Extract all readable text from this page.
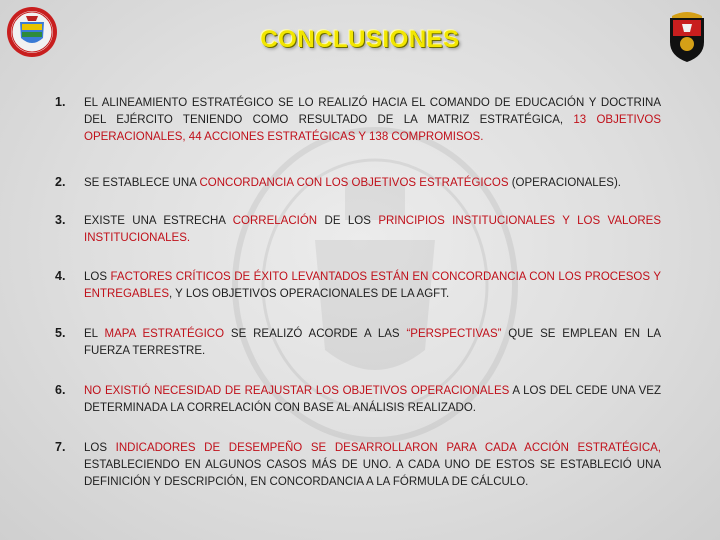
CONCLUSIONES
1. EL ALINEAMIENTO ESTRATÉGICO SE LO REALIZÓ HACIA EL COMANDO DE EDUCACIÓN Y DOCTRINA DEL EJÉRCITO TENIENDO COMO RESULTADO DE LA MATRIZ ESTRATÉGICA, 13 OBJETIVOS OPERACIONALES, 44 ACCIONES ESTRATÉGICAS Y 138 COMPROMISOS.

2. SE ESTABLECE UNA CONCORDANCIA CON LOS OBJETIVOS ESTRATÉGICOS (OPERACIONALES).

3. EXISTE UNA ESTRECHA CORRELACIÓN DE LOS PRINCIPIOS INSTITUCIONALES Y LOS VALORES INSTITUCIONALES.

4. LOS FACTORES CRÍTICOS DE ÉXITO LEVANTADOS ESTÁN EN CONCORDANCIA CON LOS PROCESOS Y ENTREGABLES, Y LOS OBJETIVOS OPERACIONALES DE LA AGFT.

5. EL MAPA ESTRATÉGICO SE REALIZÓ ACORDE A LAS “PERSPECTIVAS” QUE SE EMPLEAN EN LA FUERZA TERRESTRE.

6. NO EXISTIÓ NECESIDAD DE REAJUSTAR LOS OBJETIVOS OPERACIONALES A LOS DEL CEDE UNA VEZ DETERMINADA LA CORRELACIÓN CON BASE AL ANÁLISIS REALIZADO.

7. LOS INDICADORES DE DESEMPEÑO SE DESARROLLARON PARA CADA ACCIÓN ESTRATÉGICA, ESTABLECIENDO EN ALGUNOS CASOS MÁS DE UNO. A CADA UNO DE ESTOS SE ESTABLECIÓ UNA DEFINICIÓN Y DESCRIPCIÓN, EN CONCORDANCIA A LA FÓRMULA DE CÁLCULO.
